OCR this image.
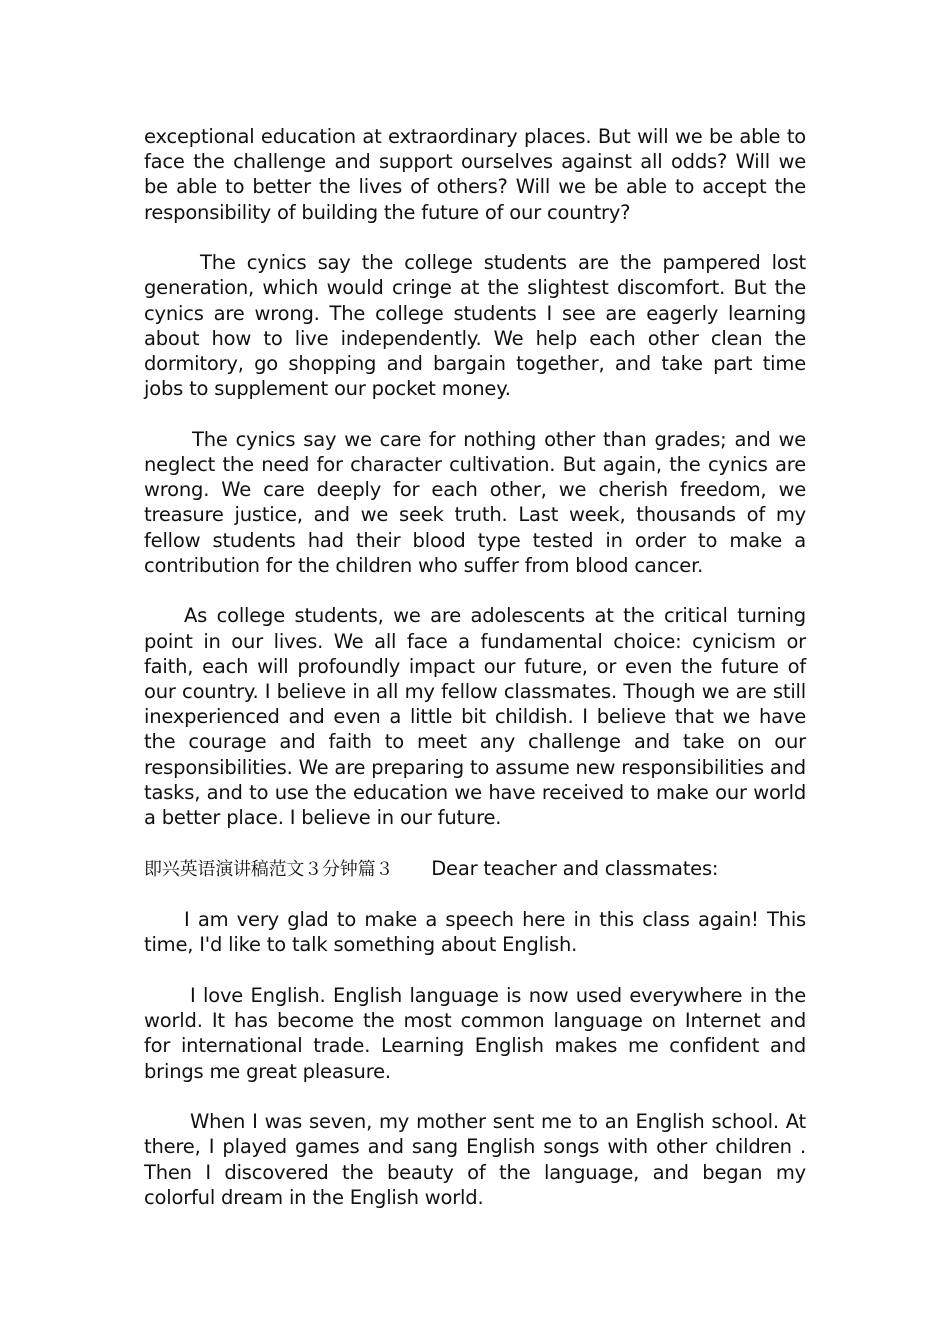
exceptional education at extraordinary places. But will we be able to face the challenge and support ourselves against all odds? Will we be able to better the lives of others? Will we be able to accept the responsibility of building the future of our country?

The cynics say the college students are the pampered lost generation, which would cringe at the slightest discomfort. But the cynics are wrong. The college students I see are eagerly learning about how to live independently. We help each other clean the dormitory, go shopping and bargain together, and take part time jobs to supplement our pocket money.

The cynics say we care for nothing other than grades; and we neglect the need for character cultivation. But again, the cynics are wrong. We care deeply for each other, we cherish freedom, we treasure justice, and we seek truth. Last week, thousands of my fellow students had their blood type tested in order to make a contribution for the children who suffer from blood cancer.

As college students, we are adolescents at the critical turning point in our lives. We all face a fundamental choice: cynicism or faith, each will profoundly impact our future, or even the future of our country. I believe in all my fellow classmates. Though we are still inexperienced and even a little bit childish. I believe that we have the courage and faith to meet any challenge and take on our responsibilities. We are preparing to assume new responsibilities and tasks, and to use the education we have received to make our world a better place. I believe in our future.

即兴英语演讲稿范文３分钟篇３ Dear teacher and classmates:

I am very glad to make a speech here in this class again! This time, I'd like to talk something about English.

I love English. English language is now used everywhere in the world. It has become the most common language on Internet and for international trade. Learning English makes me confident and brings me great pleasure.

When I was seven, my mother sent me to an English school. At there, I played games and sang English songs with other children . Then I discovered the beauty of the language, and began my colorful dream in the English world.
